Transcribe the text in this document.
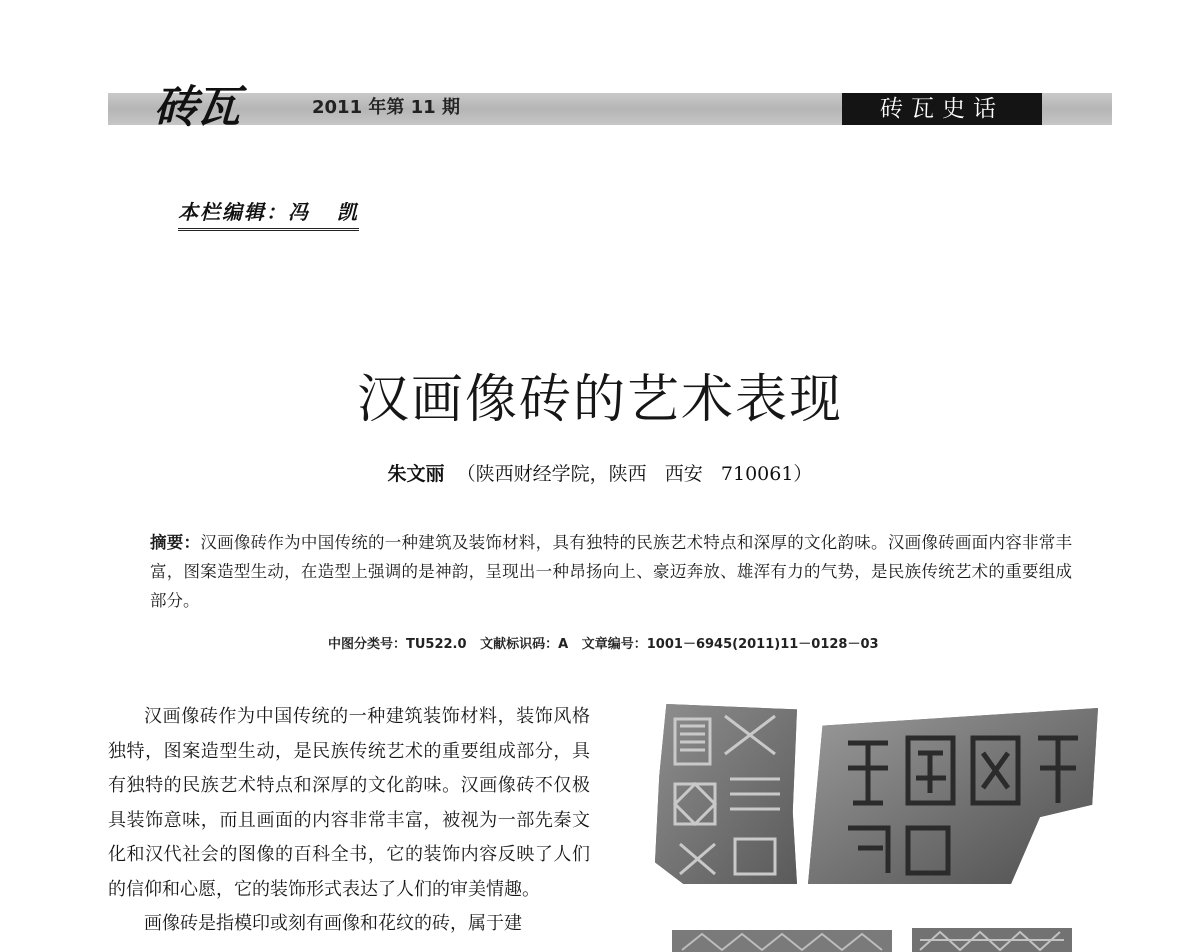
砖瓦	2011 年第 11 期	砖瓦史话
本栏编辑：冯   凯
汉画像砖的艺术表现
朱文丽 （陕西财经学院，陕西   西安   710061）
摘要：汉画像砖作为中国传统的一种建筑及装饰材料，具有独特的民族艺术特点和深厚的文化韵味。汉画像砖画面内容非常丰富，图案造型生动，在造型上强调的是神韵，呈现出一种昂扬向上、豪迈奔放、雄浑有力的气势，是民族传统艺术的重要组成部分。
中图分类号：TU522.0   文献标识码：A   文章编号：1001－6945(2011)11－0128－03

汉画像砖作为中国传统的一种建筑装饰材料，装饰风格独特，图案造型生动，是民族传统艺术的重要组成部分，具有独特的民族艺术特点和深厚的文化韵味。汉画像砖不仅极具装饰意味，而且画面的内容非常丰富，被视为一部先秦文化和汉代社会的图像的百科全书，它的装饰内容反映了人们的信仰和心愿，它的装饰形式表达了人们的审美情趣。

画像砖是指模印或刻有画像和花纹的砖，属于建
